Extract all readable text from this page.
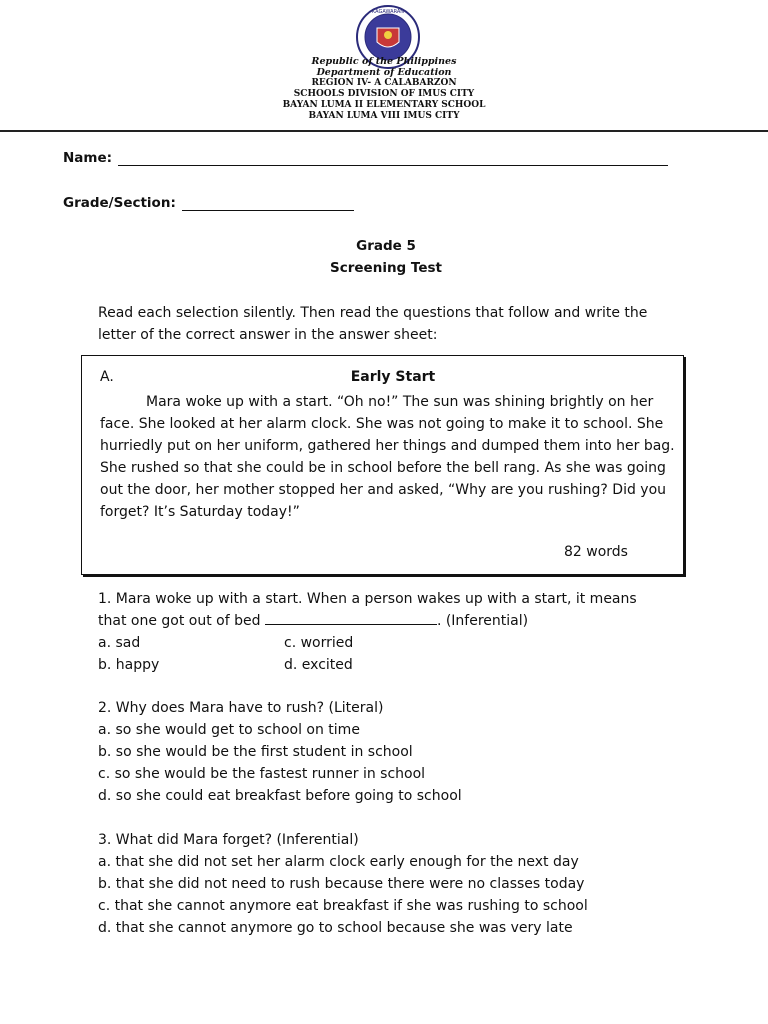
KAGAWARAN
Republic of the Philippines
Department of Education
REGION IV- A CALABARZON
SCHOOLS DIVISION OF IMUS CITY
BAYAN LUMA II ELEMENTARY SCHOOL
BAYAN LUMA VIII IMUS CITY
Name:
Grade/Section:
Grade 5
Screening Test
Read each selection silently. Then read the questions that follow and write the letter of the correct answer in the answer sheet:
A.	Early Start
Mara woke up with a start. “Oh no!” The sun was shining brightly on her face. She looked at her alarm clock. She was not going to make it to school. She hurriedly put on her uniform, gathered her things and dumped them into her bag. She rushed so that she could be in school before the bell rang. As she was going out the door, her mother stopped her and asked, “Why are you rushing? Did you forget? It’s Saturday today!”
82 words
1. Mara woke up with a start. When a person wakes up with a start, it means
that one got out of bed	. (Inferential)
a. sad	c. worried
b. happy	d. excited
2. Why does Mara have to rush? (Literal)
a. so she would get to school on time
b. so she would be the first student in school
c. so she would be the fastest runner in school
d. so she could eat breakfast before going to school
3. What did Mara forget? (Inferential)
a. that she did not set her alarm clock early enough for the next day
b. that she did not need to rush because there were no classes today
c. that she cannot anymore eat breakfast if she was rushing to school
d. that she cannot anymore go to school because she was very late
